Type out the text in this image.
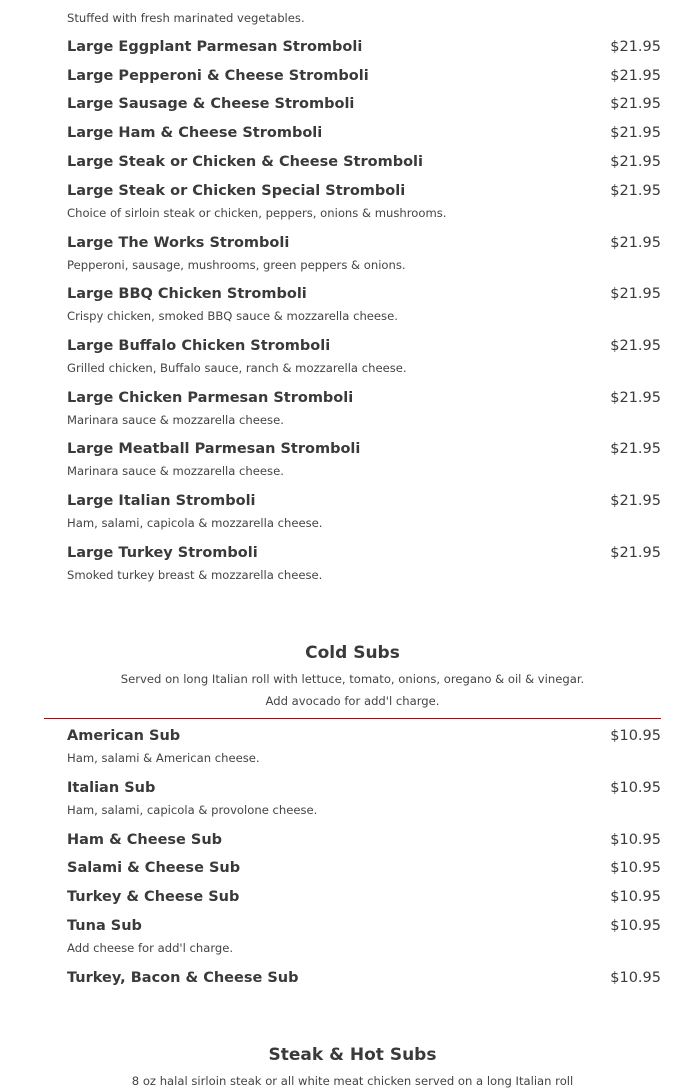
Stuffed with fresh marinated vegetables.
Large Eggplant Parmesan Stromboli	$21.95
Large Pepperoni & Cheese Stromboli	$21.95
Large Sausage & Cheese Stromboli	$21.95
Large Ham & Cheese Stromboli	$21.95
Large Steak or Chicken & Cheese Stromboli	$21.95
Large Steak or Chicken Special Stromboli	$21.95
Choice of sirloin steak or chicken, peppers, onions & mushrooms.
Large The Works Stromboli	$21.95
Pepperoni, sausage, mushrooms, green peppers & onions.
Large BBQ Chicken Stromboli	$21.95
Crispy chicken, smoked BBQ sauce & mozzarella cheese.
Large Buffalo Chicken Stromboli	$21.95
Grilled chicken, Buffalo sauce, ranch & mozzarella cheese.
Large Chicken Parmesan Stromboli	$21.95
Marinara sauce & mozzarella cheese.
Large Meatball Parmesan Stromboli	$21.95
Marinara sauce & mozzarella cheese.
Large Italian Stromboli	$21.95
Ham, salami, capicola & mozzarella cheese.
Large Turkey Stromboli	$21.95
Smoked turkey breast & mozzarella cheese.
Cold Subs
Served on long Italian roll with lettuce, tomato, onions, oregano & oil & vinegar.
Add avocado for add'l charge.
American Sub	$10.95
Ham, salami & American cheese.
Italian Sub	$10.95
Ham, salami, capicola & provolone cheese.
Ham & Cheese Sub	$10.95
Salami & Cheese Sub	$10.95
Turkey & Cheese Sub	$10.95
Tuna Sub	$10.95
Add cheese for add'l charge.
Turkey, Bacon & Cheese Sub	$10.95
Steak & Hot Subs
8 oz halal sirloin steak or all white meat chicken served on a long Italian roll
